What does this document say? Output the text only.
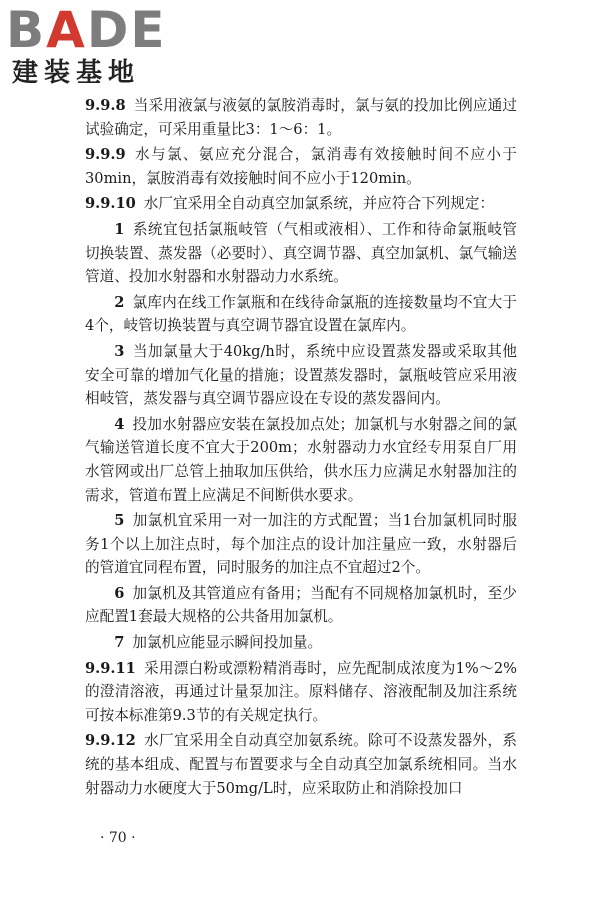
BADE
建装基地

9.9.8 当采用液氯与液氨的氯胺消毒时，氯与氨的投加比例应通过试验确定，可采用重量比3：1～6：1。

9.9.9 水与氯、氨应充分混合，氯消毒有效接触时间不应小于30min，氯胺消毒有效接触时间不应小于120min。

9.9.10 水厂宜采用全自动真空加氯系统，并应符合下列规定：

1 系统宜包括氯瓶岐管（气相或液相）、工作和待命氯瓶岐管切换装置、蒸发器（必要时）、真空调节器、真空加氯机、氯气输送管道、投加水射器和水射器动力水系统。

2 氯库内在线工作氯瓶和在线待命氯瓶的连接数量均不宜大于4个，岐管切换装置与真空调节器宜设置在氯库内。

3 当加氯量大于40kg/h时，系统中应设置蒸发器或采取其他安全可靠的增加气化量的措施；设置蒸发器时，氯瓶岐管应采用液相岐管，蒸发器与真空调节器应设在专设的蒸发器间内。

4 投加水射器应安装在氯投加点处；加氯机与水射器之间的氯气输送管道长度不宜大于200m；水射器动力水宜经专用泵自厂用水管网或出厂总管上抽取加压供给，供水压力应满足水射器加注的需求，管道布置上应满足不间断供水要求。

5 加氯机宜采用一对一加注的方式配置；当1台加氯机同时服务1个以上加注点时，每个加注点的设计加注量应一致，水射器后的管道宜同程布置，同时服务的加注点不宜超过2个。

6 加氯机及其管道应有备用；当配有不同规格加氯机时，至少应配置1套最大规格的公共备用加氯机。

7 加氯机应能显示瞬间投加量。

9.9.11 采用漂白粉或漂粉精消毒时，应先配制成浓度为1%～2%的澄清溶液，再通过计量泵加注。原料储存、溶液配制及加注系统可按本标准第9.3节的有关规定执行。

9.9.12 水厂宜采用全自动真空加氨系统。除可不设蒸发器外，系统的基本组成、配置与布置要求与全自动真空加氯系统相同。当水射器动力水硬度大于50mg/L时，应采取防止和消除投加口

· 70 ·
